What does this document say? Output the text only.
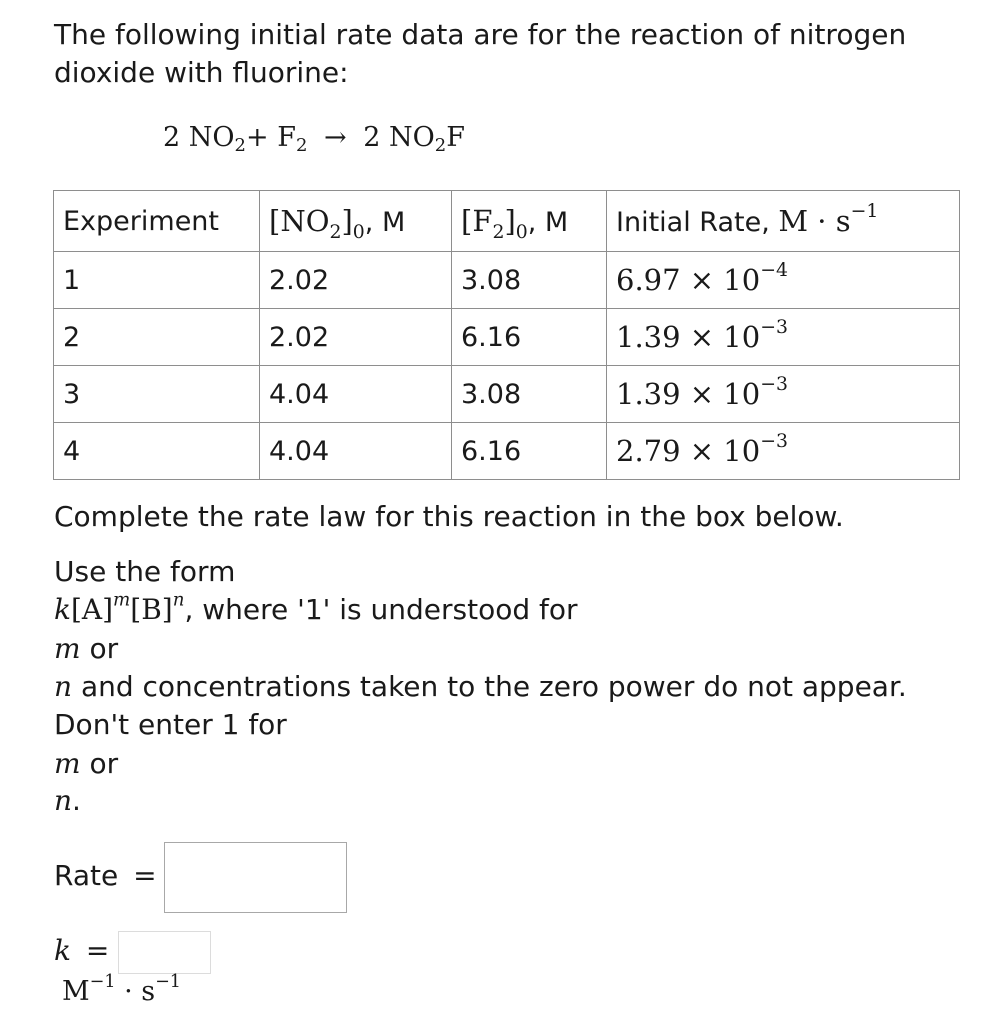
The following initial rate data are for the reaction of nitrogen dioxide with fluorine:
2 $NO_2+ F_2 \to 2$ $NO_2F$
Experiment	$[NO_2]_0$, M	$[F_2]_0$, M	Initial Rate, $M \cdot s^{-1}$
1	2.02	3.08	$6.97 \times 10^{-4}$
2	2.02	6.16	$1.39 \times 10^{-3}$
3	4.04	3.08	$1.39 \times 10^{-3}$
4	4.04	6.16	$2.79 \times 10^{-3}$
Complete the rate law for this reaction in the box below.
Use the form
$k[A]^m[B]^n$, where '1' is understood for
m or
n and concentrations taken to the zero power do not appear.
Don't enter 1 for
m or
n.
Rate =
k =
$M^{-1} \cdot s^{-1}$
